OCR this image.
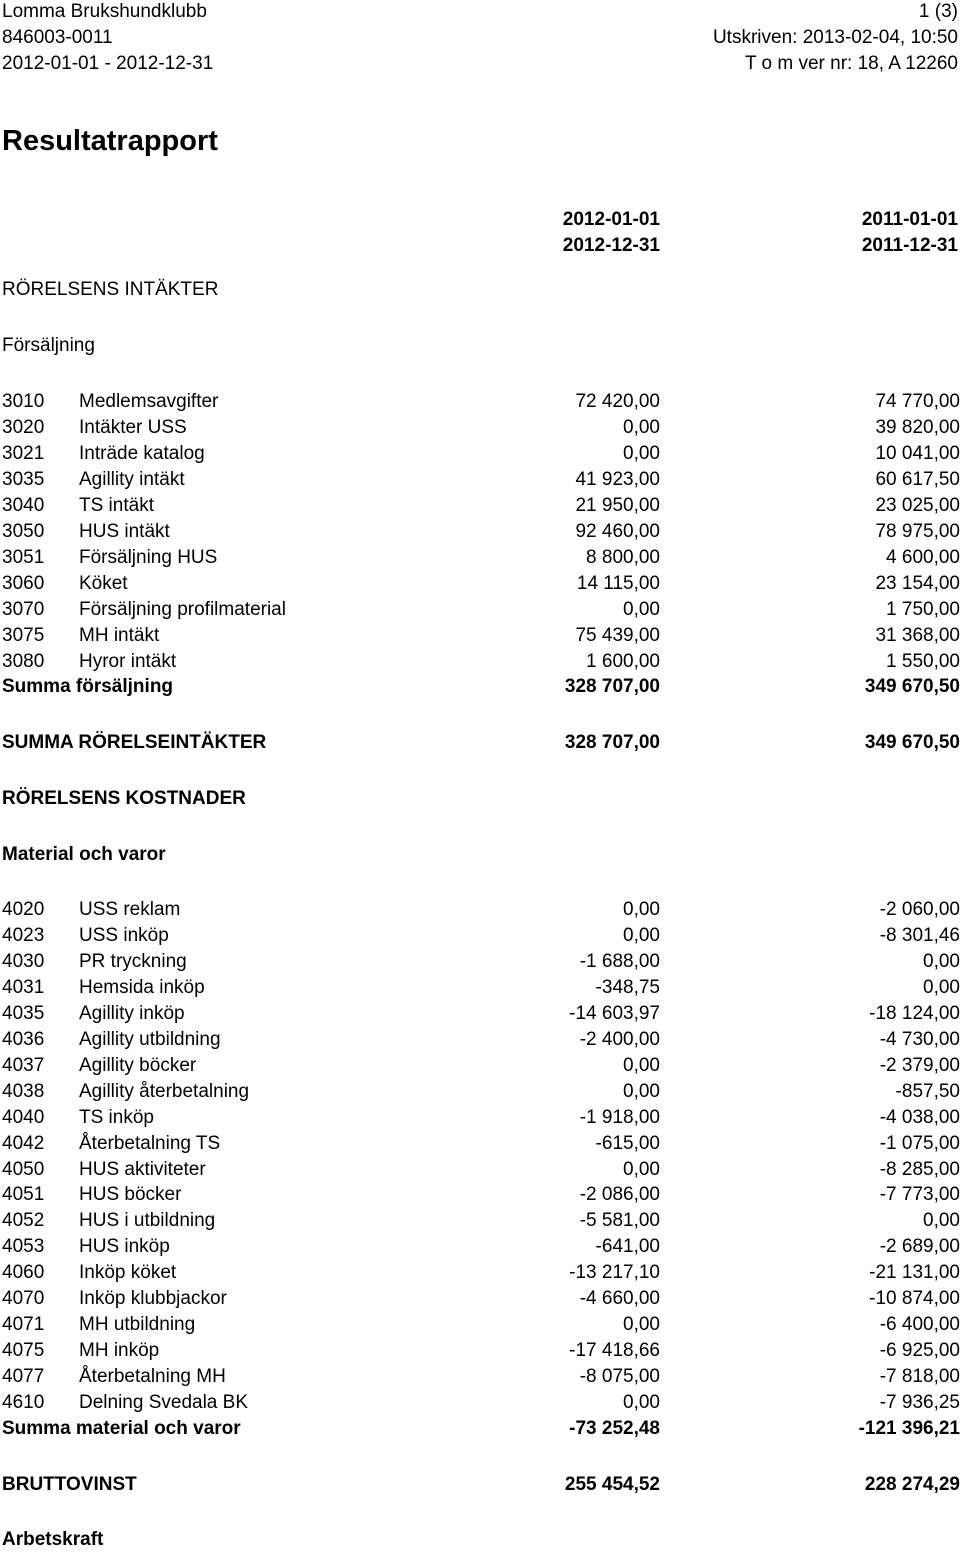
Lomma Brukshundklubb	1 (3)
846003-0011	Utskriven: 2013-02-04, 10:50
2012-01-01 - 2012-12-31	T o m ver nr: 18, A 12260
Resultatrapport
2012-01-01
2012-12-31
2011-01-01
2011-12-31
RÖRELSENS INTÄKTER
Försäljning
3010 Medlemsavgifter	72 420,00	74 770,00
3020 Intäkter USS	0,00	39 820,00
3021 Inträde katalog	0,00	10 041,00
3035 Agillity intäkt	41 923,00	60 617,50
3040 TS intäkt	21 950,00	23 025,00
3050 HUS intäkt	92 460,00	78 975,00
3051 Försäljning HUS	8 800,00	4 600,00
3060 Köket	14 115,00	23 154,00
3070 Försäljning profilmaterial	0,00	1 750,00
3075 MH intäkt	75 439,00	31 368,00
3080 Hyror intäkt	1 600,00	1 550,00
Summa försäljning	328 707,00	349 670,50
SUMMA RÖRELSEINTÄKTER	328 707,00	349 670,50
RÖRELSENS KOSTNADER
Material och varor
4020 USS reklam	0,00	-2 060,00
4023 USS inköp	0,00	-8 301,46
4030 PR tryckning	-1 688,00	0,00
4031 Hemsida inköp	-348,75	0,00
4035 Agillity inköp	-14 603,97	-18 124,00
4036 Agillity utbildning	-2 400,00	-4 730,00
4037 Agillity böcker	0,00	-2 379,00
4038 Agillity återbetalning	0,00	-857,50
4040 TS inköp	-1 918,00	-4 038,00
4042 Återbetalning TS	-615,00	-1 075,00
4050 HUS aktiviteter	0,00	-8 285,00
4051 HUS böcker	-2 086,00	-7 773,00
4052 HUS i utbildning	-5 581,00	0,00
4053 HUS inköp	-641,00	-2 689,00
4060 Inköp köket	-13 217,10	-21 131,00
4070 Inköp klubbjackor	-4 660,00	-10 874,00
4071 MH utbildning	0,00	-6 400,00
4075 MH inköp	-17 418,66	-6 925,00
4077 Återbetalning MH	-8 075,00	-7 818,00
4610 Delning Svedala BK	0,00	-7 936,25
Summa material och varor	-73 252,48	-121 396,21
BRUTTOVINST	255 454,52	228 274,29
Arbetskraft
